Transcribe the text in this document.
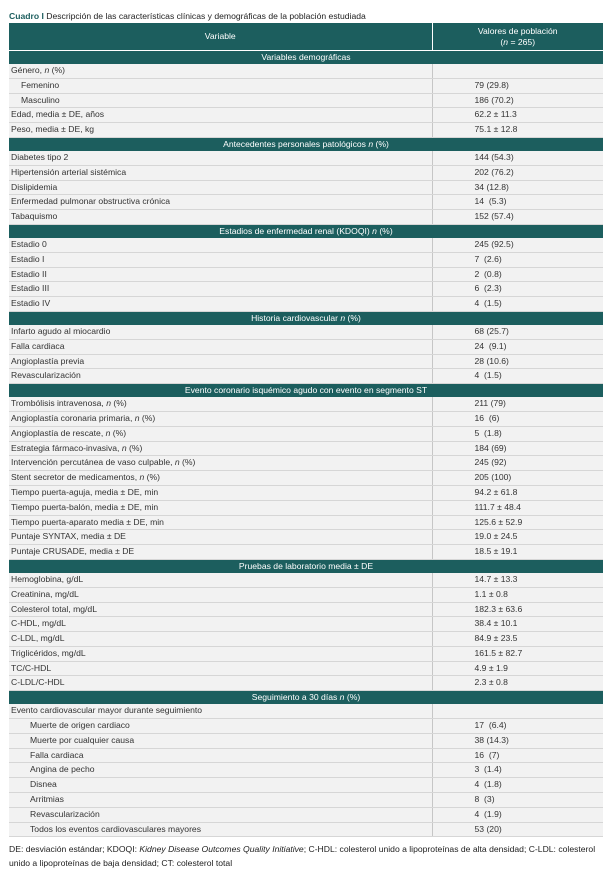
Cuadro I Descripción de las características clínicas y demográficas de la población estudiada
Variable	Valores de población
(n = 265)
Variables demográficas	
Género, n (%)	
Femenino	79 (29.8)
Masculino	186 (70.2)
Edad, media ± DE, años	62.2 ± 11.3
Peso, media ± DE, kg	75.1 ± 12.8
Antecedentes personales patológicos n (%)	
Diabetes tipo 2	144 (54.3)
Hipertensión arterial sistémica	202 (76.2)
Dislipidemia	34 (12.8)
Enfermedad pulmonar obstructiva crónica	14  (5.3)
Tabaquismo	152 (57.4)
Estadios de enfermedad renal (KDOQI) n (%)	
Estadio 0	245 (92.5)
Estadio I	7  (2.6)
Estadio II	2  (0.8)
Estadio III	6  (2.3)
Estadio IV	4  (1.5)
Historia cardiovascular n (%)	
Infarto agudo al miocardio	68 (25.7)
Falla cardiaca	24  (9.1)
Angioplastía previa	28 (10.6)
Revascularización	4  (1.5)
Evento coronario isquémico agudo con evento en segmento ST	
Trombólisis intravenosa, n (%)	211 (79)
Angioplastía coronaria primaria, n (%)	16  (6)
Angioplastía de rescate, n (%)	5  (1.8)
Estrategia fármaco-invasiva, n (%)	184 (69)
Intervención percutánea de vaso culpable, n (%)	245 (92)
Stent secretor de medicamentos, n (%)	205 (100)
Tiempo puerta-aguja, media ± DE, min	94.2 ± 61.8
Tiempo puerta-balón, media ± DE, min	111.7 ± 48.4
Tiempo puerta-aparato media ± DE, min	125.6 ± 52.9
Puntaje SYNTAX, media ± DE	19.0 ± 24.5
Puntaje CRUSADE, media ± DE	18.5 ± 19.1
Pruebas de laboratorio media ± DE	
Hemoglobina, g/dL	14.7 ± 13.3
Creatinina, mg/dL	1.1 ± 0.8
Colesterol total, mg/dL	182.3 ± 63.6
C-HDL, mg/dL	38.4 ± 10.1
C-LDL, mg/dL	84.9 ± 23.5
Triglicéridos, mg/dL	161.5 ± 82.7
TC/C-HDL	4.9 ± 1.9
C-LDL/C-HDL	2.3 ± 0.8
Seguimiento a 30 días n (%)	
Evento cardiovascular mayor durante seguimiento	
Muerte de origen cardiaco	17  (6.4)
Muerte por cualquier causa	38 (14.3)
Falla cardiaca	16  (7)
Angina de pecho	3  (1.4)
Disnea	4  (1.8)
Arritmias	8  (3)
Revascularización	4  (1.9)
Todos los eventos cardiovasculares mayores	53 (20)
DE: desviación estándar; KDOQI: Kidney Disease Outcomes Quality Initiative; C-HDL: colesterol unido a lipoproteínas de alta densidad; C-LDL: colesterol unido a lipoproteínas de baja densidad; CT: colesterol total
